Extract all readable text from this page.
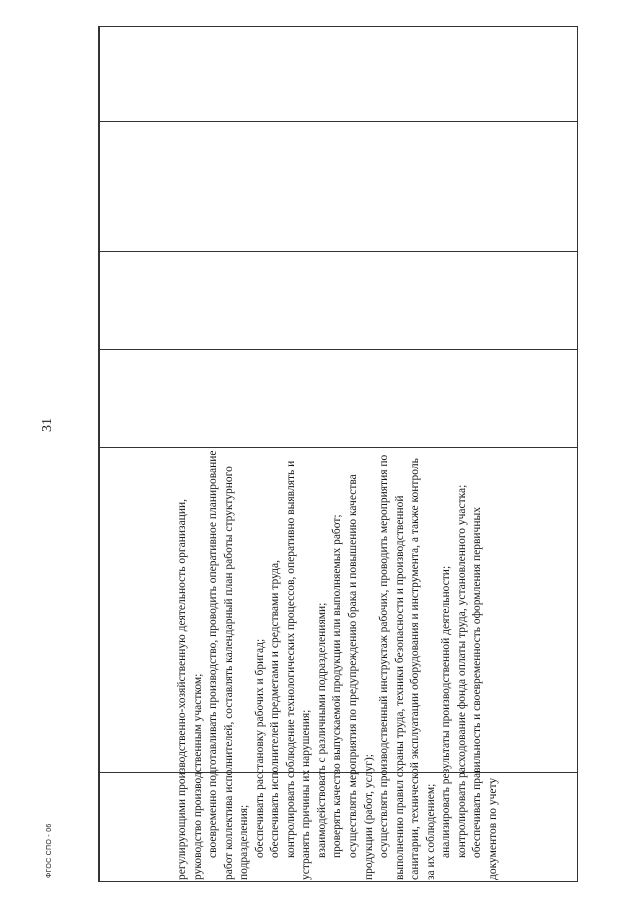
регулирующими производственно-хозяйственную деятельность организации, руководство производственным участком; своевременно подготавливать производство, проводить оперативное планирование работ коллектива исполнителей, составлять календарный план работы структурного подразделения; обеспечивать расстановку рабочих и бригад; обеспечивать исполнителей предметами и средствами труда, контролировать соблюдение технологических процессов, оперативно выявлять и устранять причины их нарушения; взаимодействовать с различными подразделениями; проверять качество выпускаемой продукции или выполняемых работ; осуществлять мероприятия по предупреждению брака и повышению качества продукции (работ, услуг); осуществлять производственный инструктаж рабочих, проводить мероприятия по выполнению правил охраны труда, техники безопасности и производственной санитарии, технической эксплуатации оборудования и инструмента, а также контроль за их соблюдением; анализировать результаты производственной деятельности; контролировать расходование фонда оплаты труда, установленного участка; обеспечивать правильность и своевременность оформления первичных документов по учету

31
ФГОС СПО - 06
